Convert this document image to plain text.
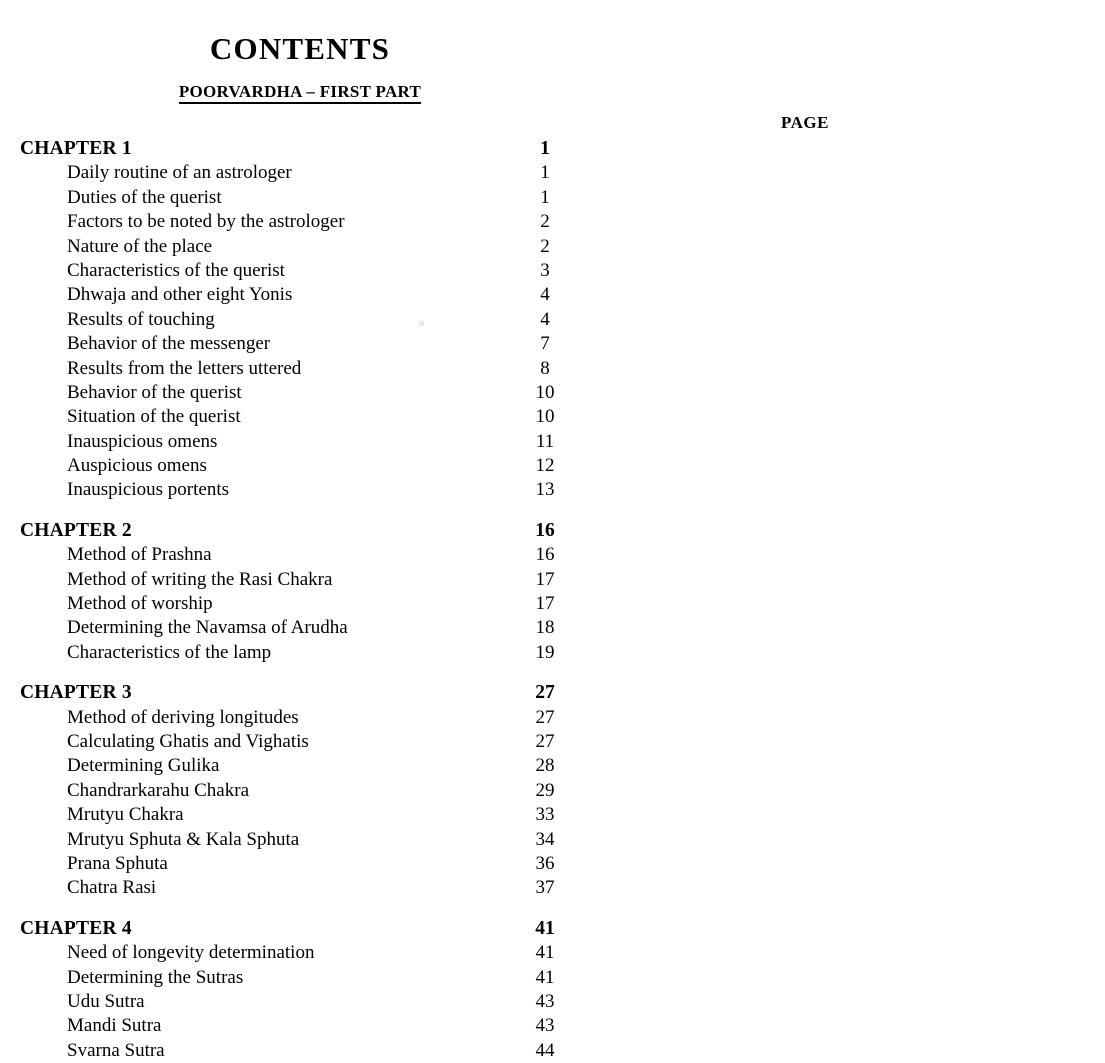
CONTENTS
POORVARDHA – FIRST PART
PAGE
CHAPTER 1	1
Daily routine of an astrologer	1
Duties of the querist	1
Factors to be noted by the astrologer	2
Nature of the place	2
Characteristics of the querist	3
Dhwaja and other eight Yonis	4
Results of touching	4
Behavior of the messenger	7
Results from the letters uttered	8
Behavior of the querist	10
Situation of the querist	10
Inauspicious omens	11
Auspicious omens	12
Inauspicious portents	13
CHAPTER 2	16
Method of Prashna	16
Method of writing the Rasi Chakra	17
Method of worship	17
Determining the Navamsa of Arudha	18
Characteristics of the lamp	19
CHAPTER 3	27
Method of deriving longitudes	27
Calculating Ghatis and Vighatis	27
Determining Gulika	28
Chandrarkarahu Chakra	29
Mrutyu Chakra	33
Mrutyu Sphuta & Kala Sphuta	34
Prana Sphuta	36
Chatra Rasi	37
CHAPTER 4	41
Need of longevity determination	41
Determining the Sutras	41
Udu Sutra	43
Mandi Sutra	43
Svarna Sutra	44
